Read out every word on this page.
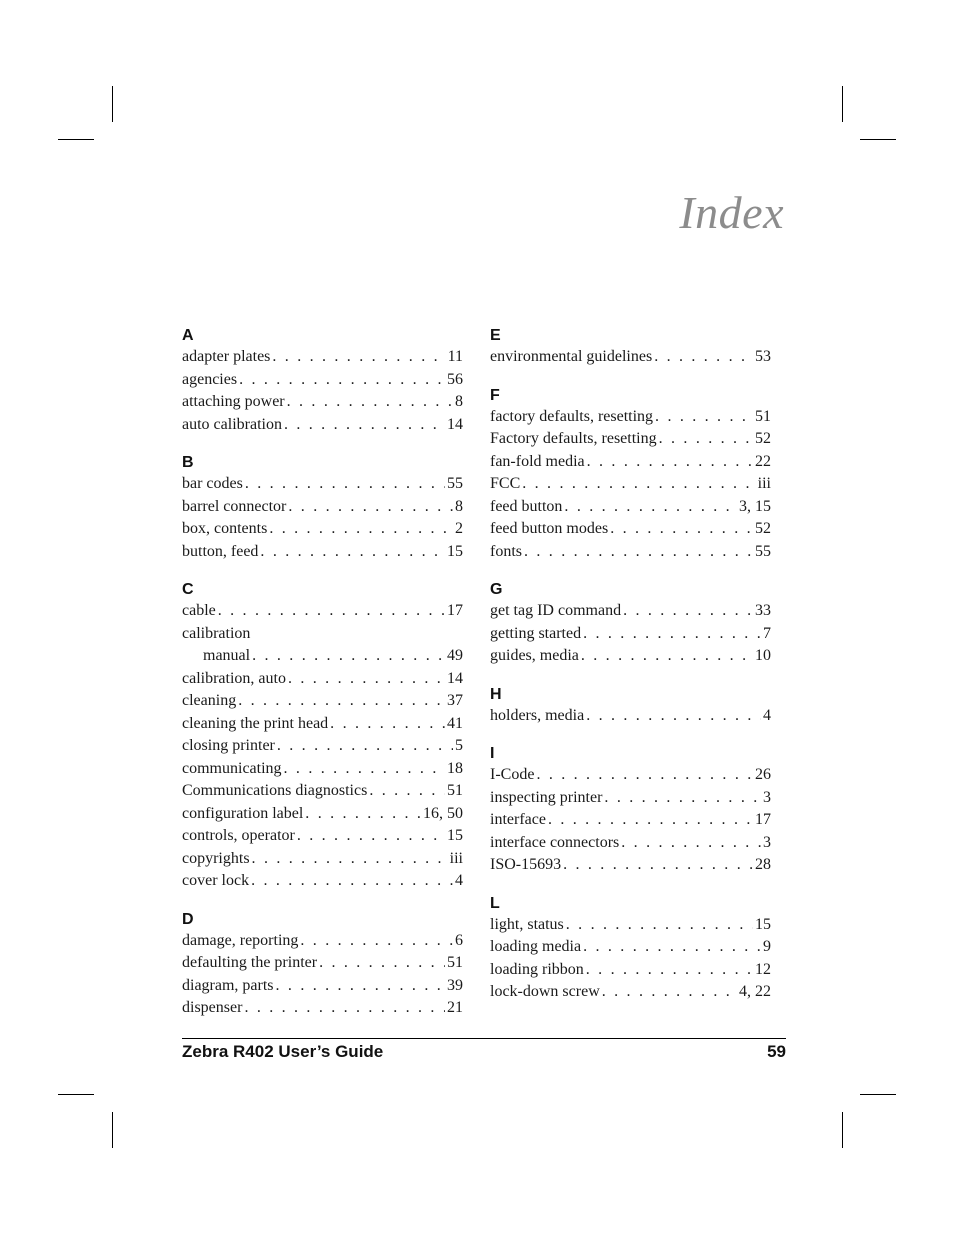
Index
A
adapter plates . . .	11
agencies . . .	56
attaching power . . .	8
auto calibration . . .	14
B
bar codes . . .	55
barrel connector . . .	8
box, contents . . .	2
button, feed . . .	15
C
cable . . .	17
calibration
manual . . .	49
calibration, auto . . .	14
cleaning . . .	37
cleaning the print head . . .	41
closing printer . . .	5
communicating . . .	18
Communications diagnostics . . .	51
configuration label . . .	16, 50
controls, operator . . .	15
copyrights . . .	iii
cover lock . . .	4
D
damage, reporting . . .	6
defaulting the printer . . .	51
diagram, parts . . .	39
dispenser . . .	21
E
environmental guidelines . . .	53
F
factory defaults, resetting . . .	51
Factory defaults, resetting . . .	52
fan-fold media . . .	22
FCC . . .	iii
feed button . . .	3, 15
feed button modes . . .	52
fonts . . .	55
G
get tag ID command . . .	33
getting started . . .	7
guides, media . . .	10
H
holders, media . . .	4
I
I-Code . . .	26
inspecting printer . . .	3
interface . . .	17
interface connectors . . .	3
ISO-15693 . . .	28
L
light, status . . .	15
loading media . . .	9
loading ribbon . . .	12
lock-down screw . . .	4, 22
Zebra R402 User’s Guide	59
